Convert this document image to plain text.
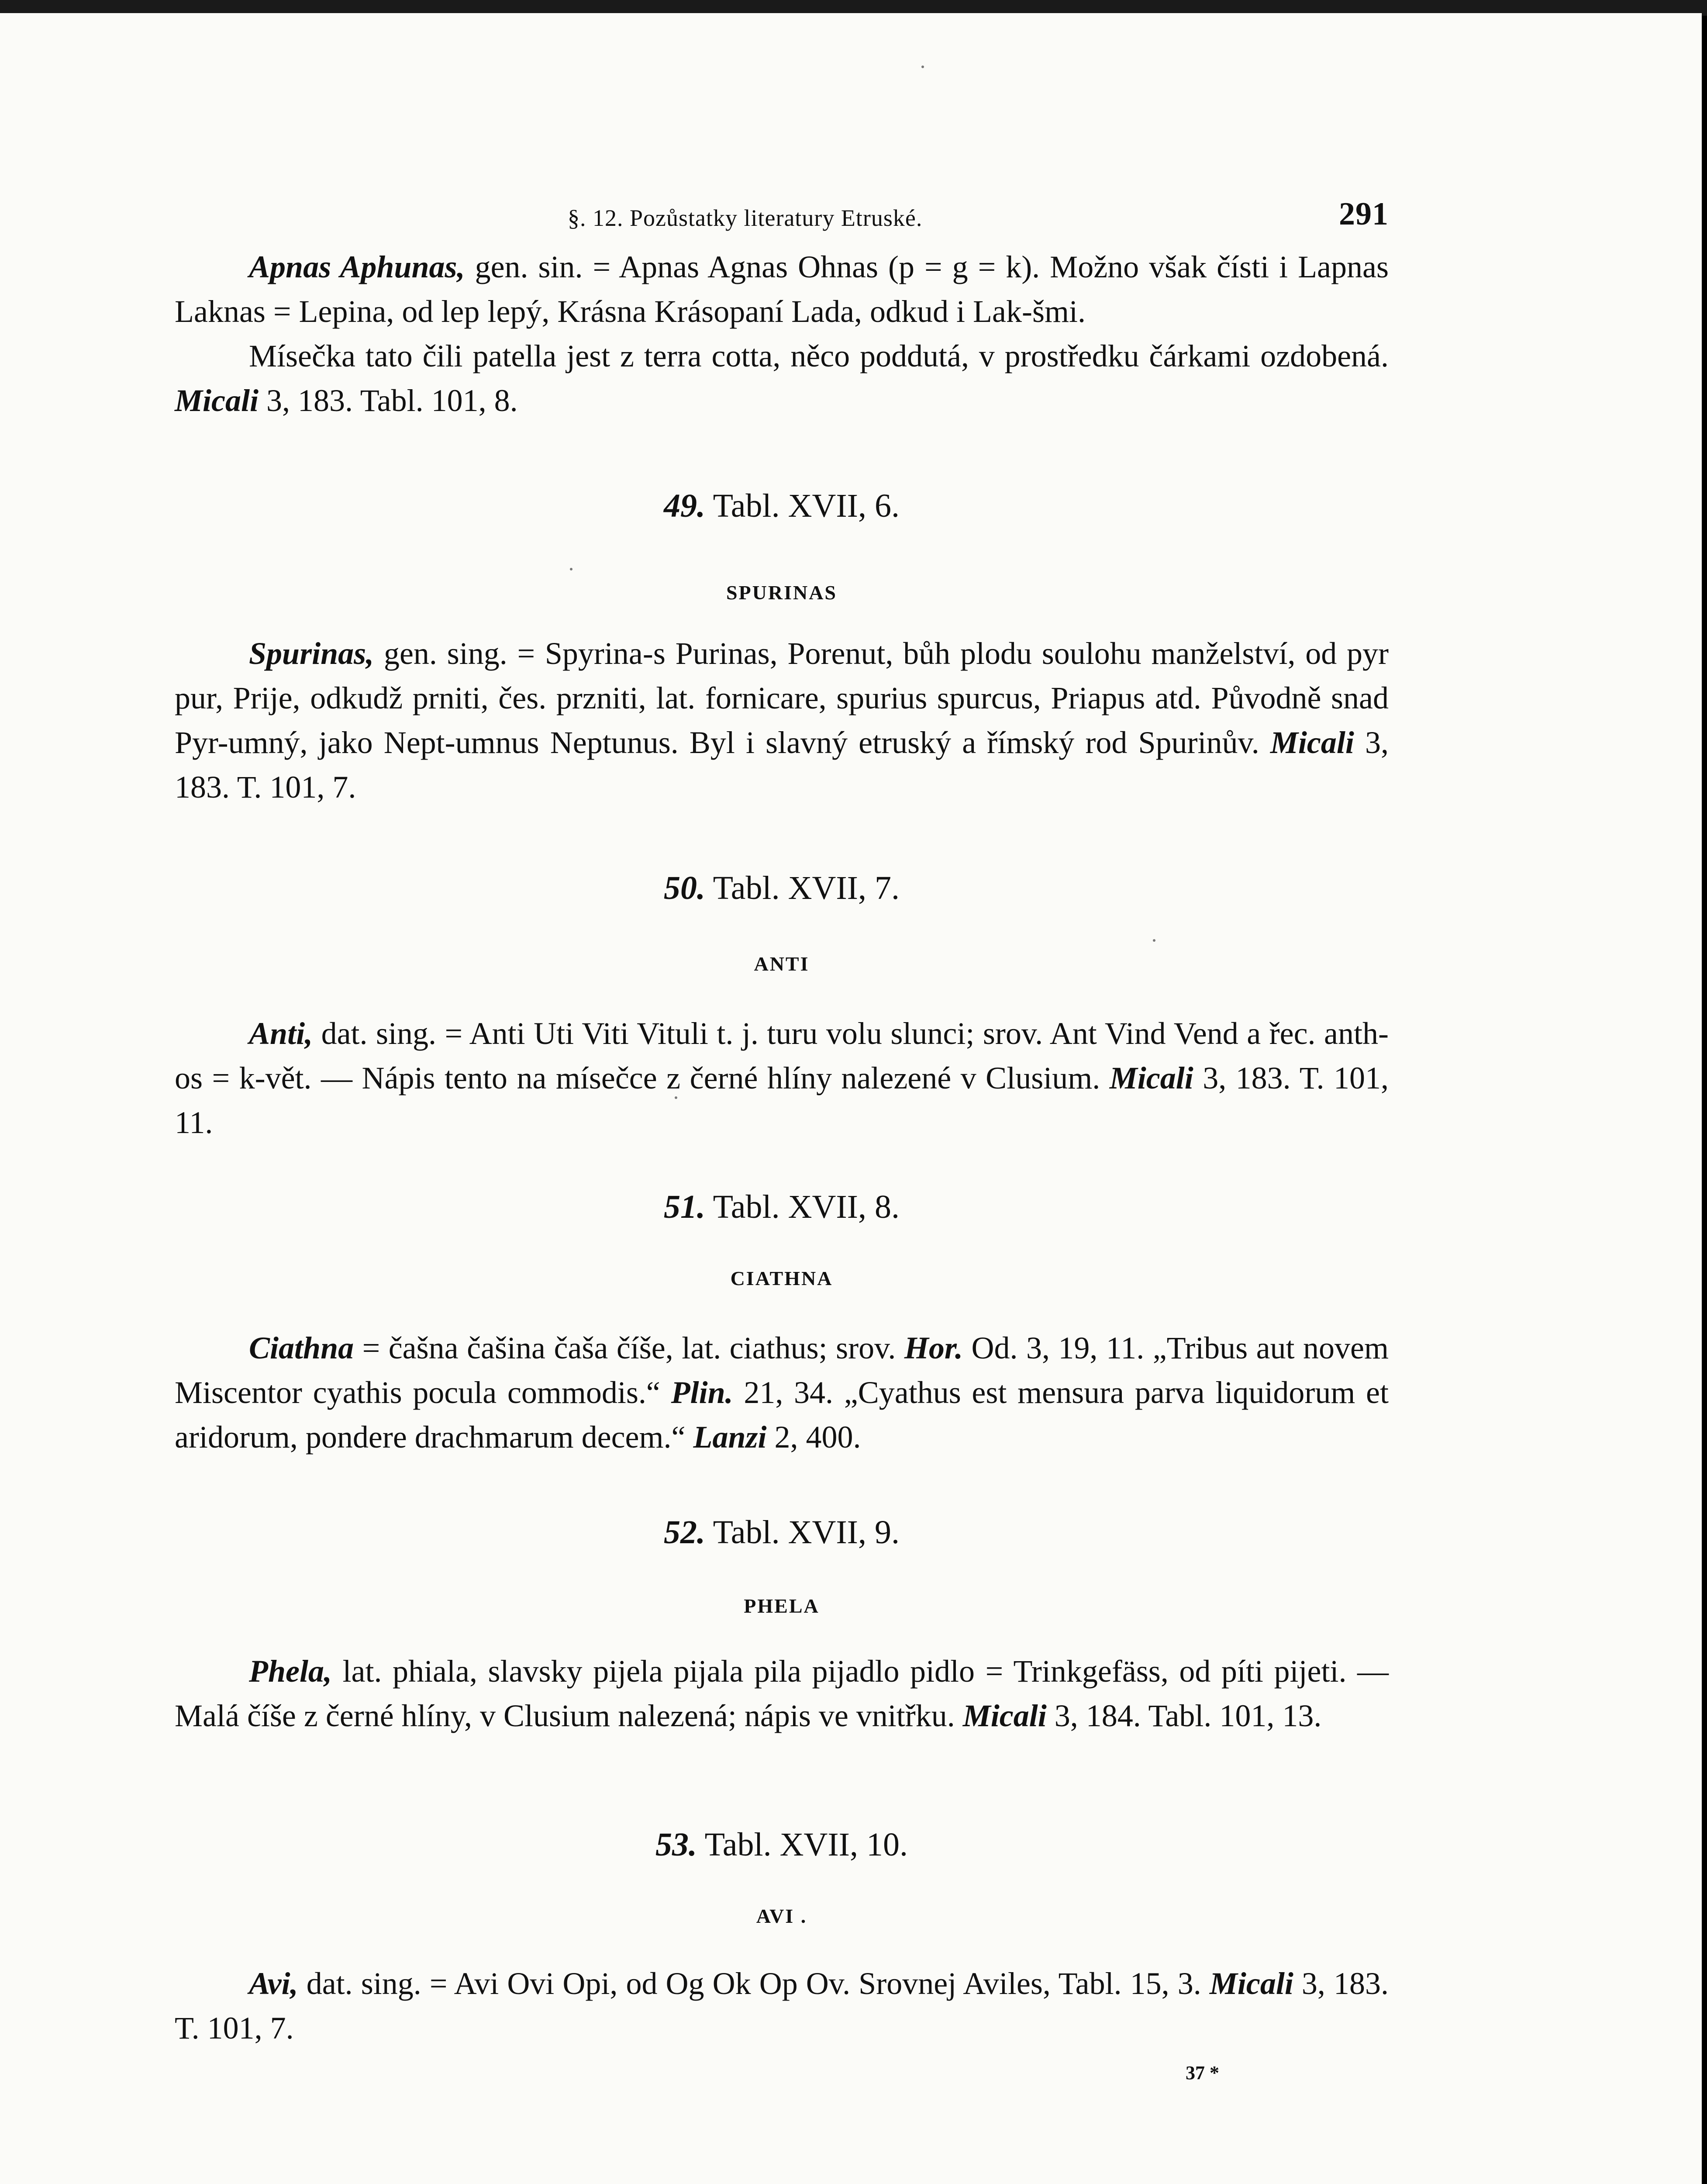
§. 12. Pozůstatky literatury Etruské.	291

Apnas Aphunas, gen. sin. = Apnas Agnas Ohnas (p = g = k). Možno však čísti i Lapnas Laknas = Lepina, od lep lepý, Krásna Krásopaní Lada, odkud i Lak-šmi.

Mísečka tato čili patella jest z terra cotta, něco poddutá, v prostředku čárkami ozdobená. Micali 3, 183. Tabl. 101, 8.

49. Tabl. XVII, 6.
SPURINAS

Spurinas, gen. sing. = Spyrina-s Purinas, Porenut, bůh plodu souloһu manželství, od pyr pur, Prije, odkudž prniti, čes. przniti, lat. fornicare, spurius spurcus, Priapus atd. Původně snad Pyr-umný, jako Nept-umnus Neptunus. Byl i slavný etruský a římský rod Spurinův. Micali 3, 183. T. 101, 7.

50. Tabl. XVII, 7.
ANTI

Anti, dat. sing. = Anti Uti Viti Vituli t. j. turu volu slunci; srov. Ant Vind Vend a řec. anth-os = k-vět. — Nápis tento na mísečce z černé hlíny nalezené v Clusium. Micali 3, 183. T. 101, 11.

51. Tabl. XVII, 8.
CIATHNA

Ciathna = čašna čašina čaša číše, lat. ciathus; srov. Hor. Od. 3, 19, 11. „Tribus aut novem Miscentor cyathis pocula commodis.“ Plin. 21, 34. „Cyathus est mensura parva liquidorum et aridorum, pondere drachmarum decem.“ Lanzi 2, 400.

52. Tabl. XVII, 9.
PHELA

Phela, lat. phiala, slavsky pijela pijala pila pijadlo pidlo = Trinkgefäss, od píti pijeti. — Malá číše z černé hlíny, v Clusium nalezená; nápis ve vnitřku. Micali 3, 184. Tabl. 101, 13.

53. Tabl. XVII, 10.
AVI .

Avi, dat. sing. = Avi Ovi Opi, od Og Ok Op Ov. Srovnej Aviles, Tabl. 15, 3. Micali 3, 183. T. 101, 7.

37 *
